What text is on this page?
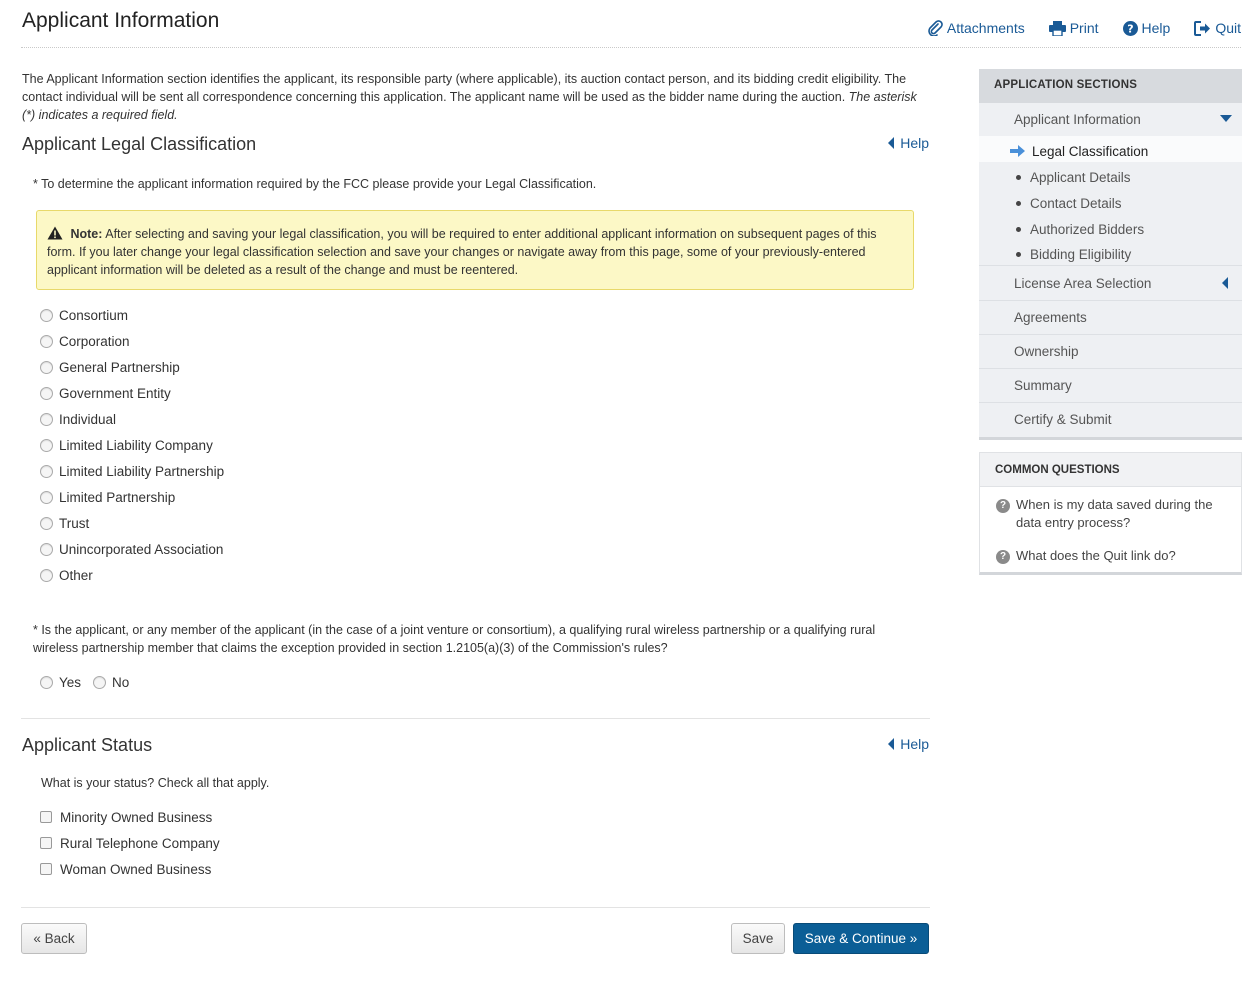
Applicant Information	Attachments	Print	? Help	Quit
The Applicant Information section identifies the applicant, its responsible party (where applicable), its auction contact person, and its bidding credit eligibility. The contact individual will be sent all correspondence concerning this application. The applicant name will be used as the bidder name during the auction. The asterisk (*) indicates a required field.
Applicant Legal Classification	Help
* To determine the applicant information required by the FCC please provide your Legal Classification.
Note: After selecting and saving your legal classification, you will be required to enter additional applicant information on subsequent pages of this form. If you later change your legal classification selection and save your changes or navigate away from this page, some of your previously-entered applicant information will be deleted as a result of the change and must be reentered.
Consortium
Corporation
General Partnership
Government Entity
Individual
Limited Liability Company
Limited Liability Partnership
Limited Partnership
Trust
Unincorporated Association
Other
* Is the applicant, or any member of the applicant (in the case of a joint venture or consortium), a qualifying rural wireless partnership or a qualifying rural wireless partnership member that claims the exception provided in section 1.2105(a)(3) of the Commission's rules?
Yes No
Applicant Status	Help
What is your status? Check all that apply.
Minority Owned Business
Rural Telephone Company
Woman Owned Business
« Back	Save	Save & Continue »
APPLICATION SECTIONS
Applicant Information
Legal Classification
Applicant Details
Contact Details
Authorized Bidders
Bidding Eligibility
License Area Selection
Agreements
Ownership
Summary
Certify & Submit
COMMON QUESTIONS
? When is my data saved during the data entry process?
? What does the Quit link do?
